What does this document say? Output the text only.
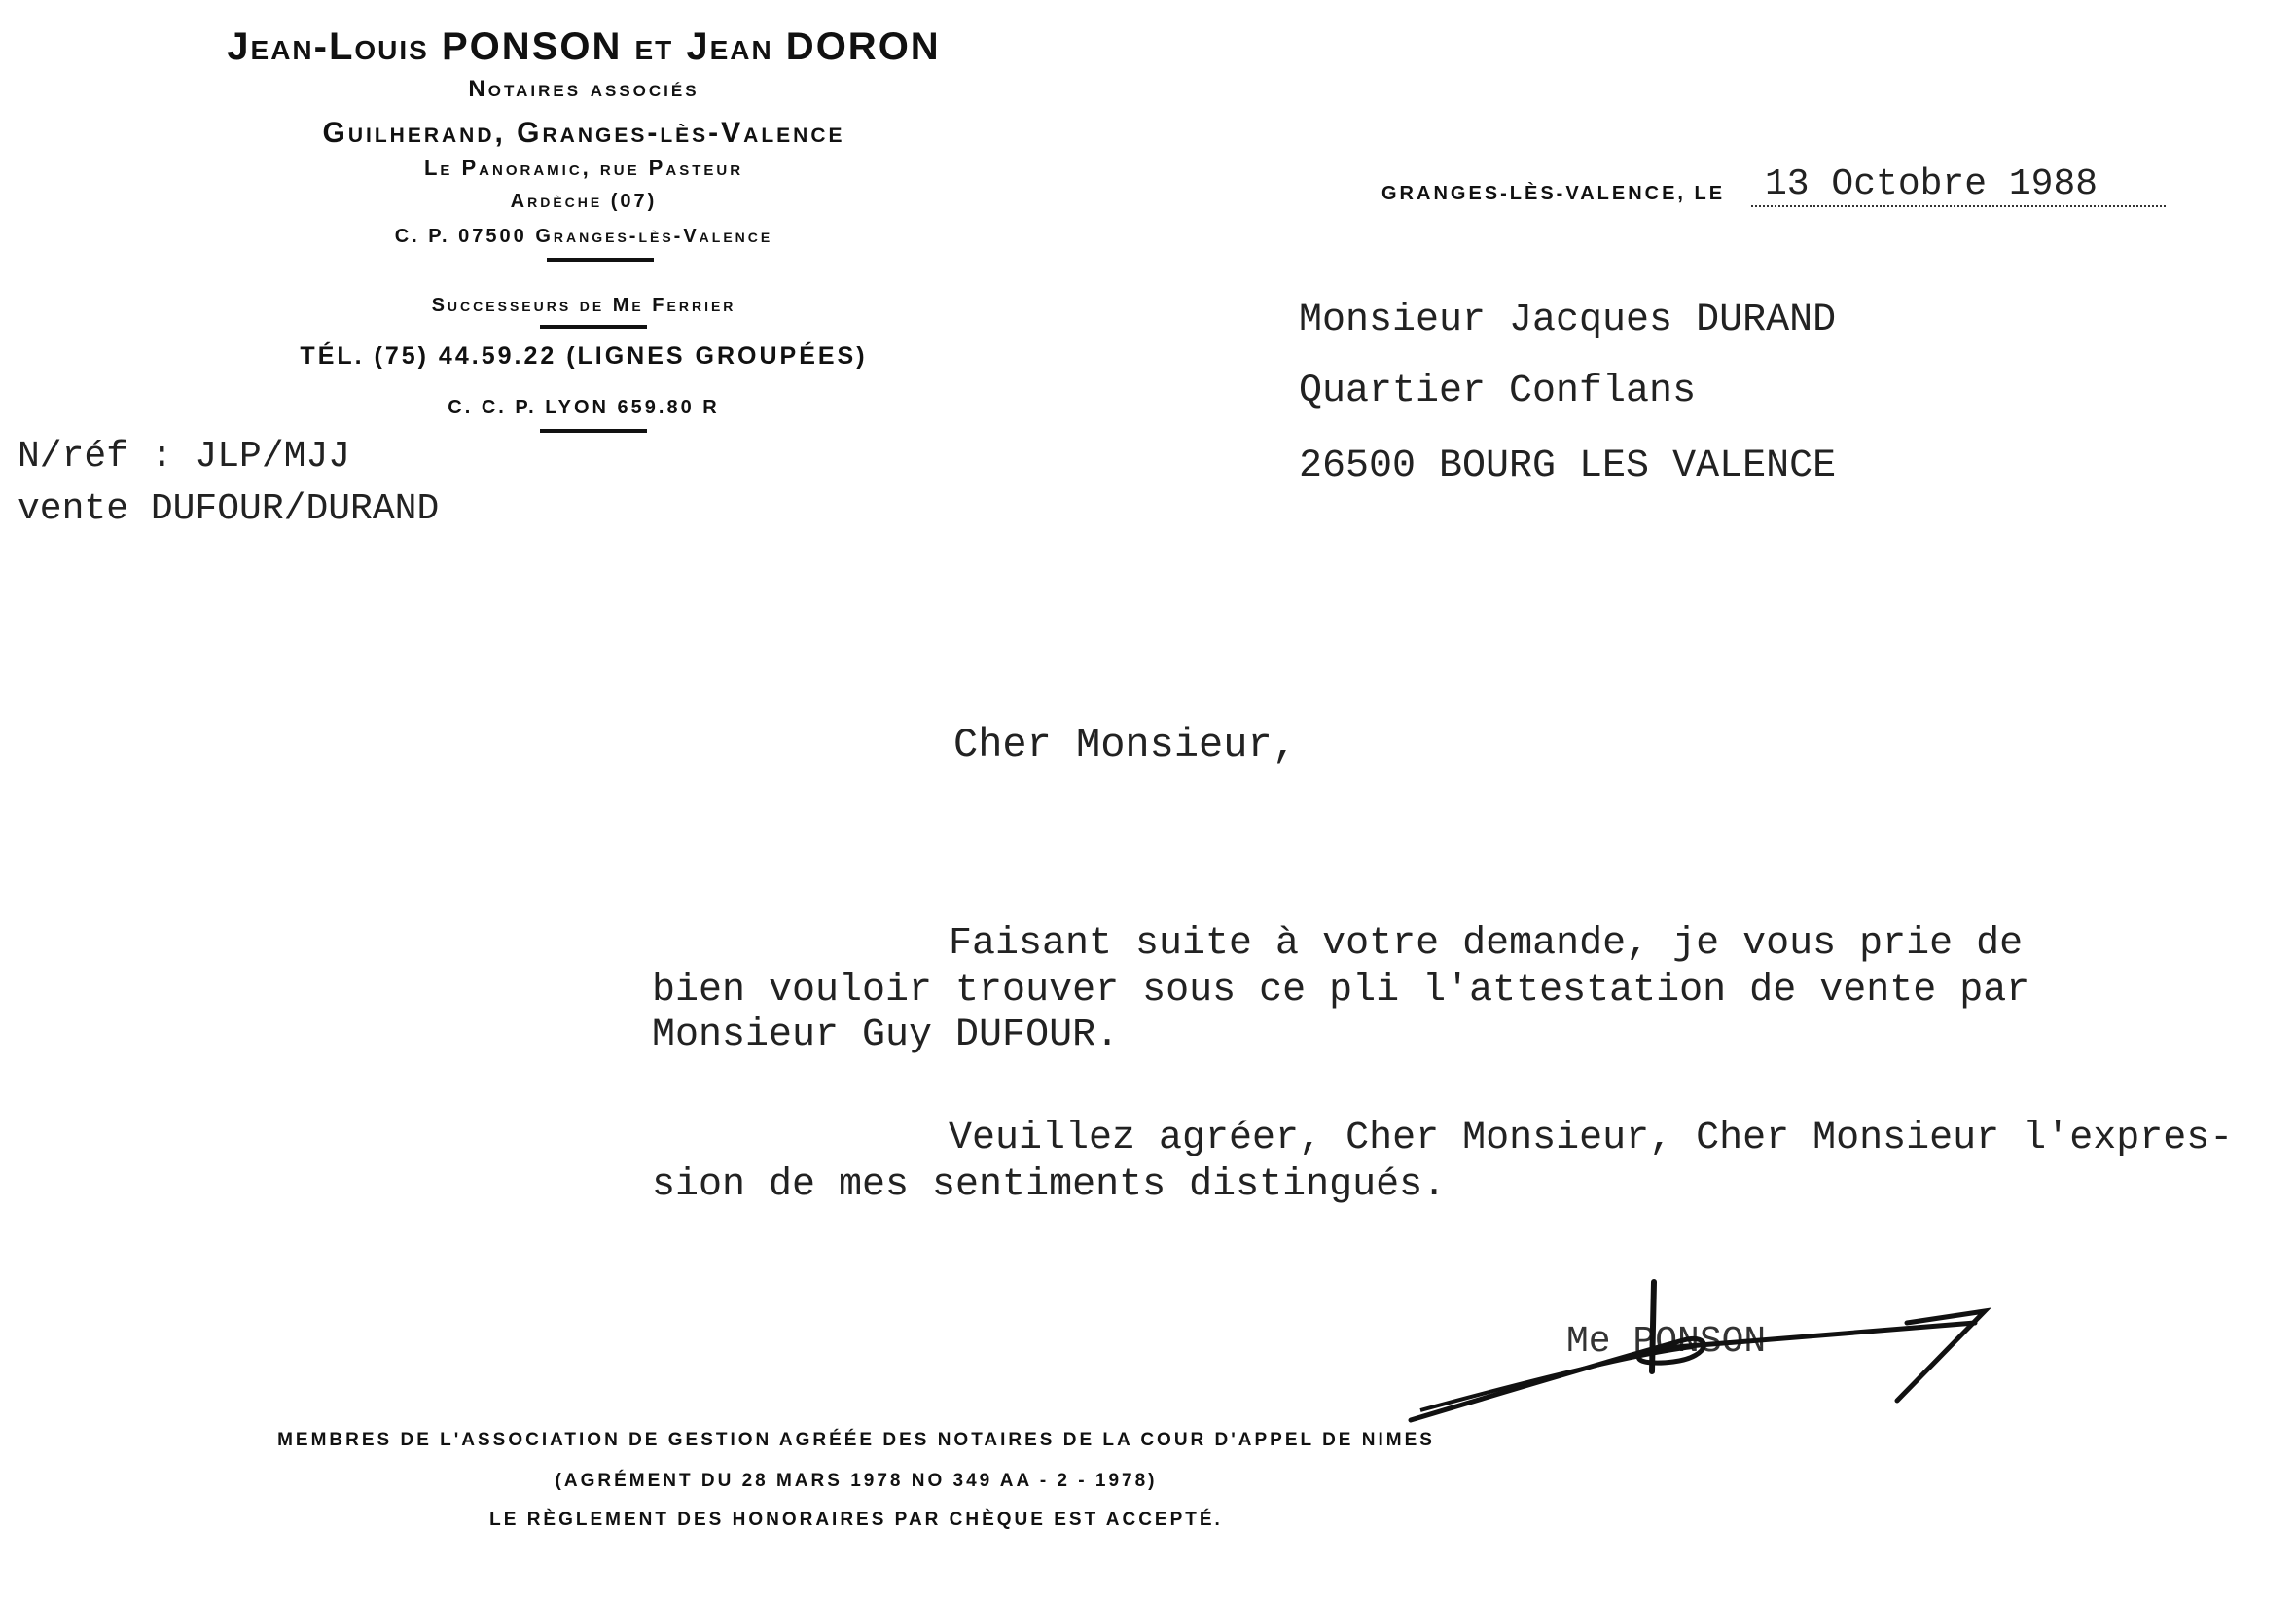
Jean-Louis PONSON et Jean DORON
Notaires associés
Guilherand, Granges-lès-Valence
Le Panoramic, rue Pasteur
Ardèche (07)
C. P. 07500 Granges-lès-Valence
Successeurs de Me Ferrier
TÉL. (75) 44.59.22 (LIGNES GROUPÉES)
C. C. P. LYON 659.80 R
GRANGES-LÈS-VALENCE, LE	13 Octobre 1988
N/réf : JLP/MJJ
vente DUFOUR/DURAND
Monsieur Jacques DURAND
Quartier Conflans
26500 BOURG LES VALENCE
Cher Monsieur,
Faisant suite à votre demande, je vous prie de
bien vouloir trouver sous ce pli l'attestation de vente par
Monsieur Guy DUFOUR.
Veuillez agréer, Cher Monsieur, Cher Monsieur l'expres-
sion de mes sentiments distingués.
Me PONSON
MEMBRES DE L'ASSOCIATION DE GESTION AGRÉÉE DES NOTAIRES DE LA COUR D'APPEL DE NIMES
(AGRÉMENT DU 28 MARS 1978 NO 349 AA - 2 - 1978)
LE RÈGLEMENT DES HONORAIRES PAR CHÈQUE EST ACCEPTÉ.
